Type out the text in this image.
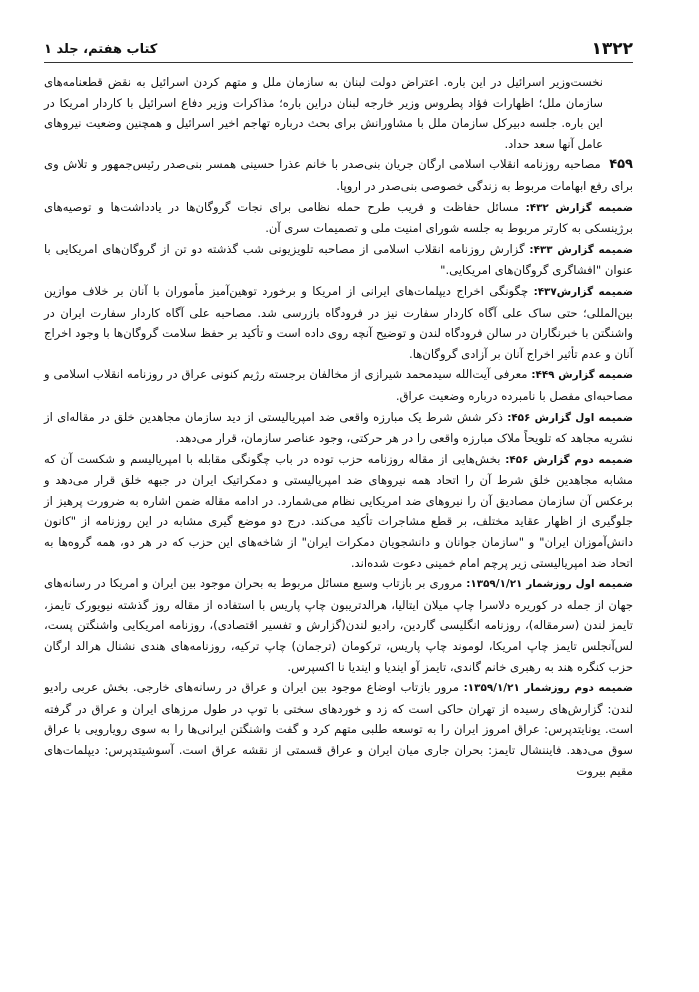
۱۳۲۲
کتاب هفتم، جلد ۱

نخست‌وزیر اسرائیل در این باره. اعتراض دولت لبنان به سازمان ملل و متهم کردن اسرائیل به نقض قطعنامه‌های سازمان ملل؛ اظهارات فؤاد پطروس وزیر خارجه لبنان دراین باره؛ مذاکرات وزیر دفاع اسرائیل با کاردار امریکا در این باره. جلسه دبیرکل سازمان ملل با مشاورانش برای بحث درباره تهاجم اخیر اسرائیل و همچنین وضعیت نیروهای عامل آنها سعد حداد.

۴۵۹ مصاحبه روزنامه انقلاب اسلامی ارگان جریان بنی‌صدر با خانم عذرا حسینی همسر بنی‌صدر رئیس‌جمهور و تلاش وی برای رفع ابهامات مربوط به زندگی خصوصی بنی‌صدر در اروپا.

ضمیمه گزارش ۴۳۲: مسائل حفاظت و فریب طرح حمله نظامی برای نجات گروگان‌ها در یادداشت‌ها و توصیه‌های برژینسکی به کارتر مربوط به جلسه شورای امنیت ملی و تصمیمات سری آن.

ضمیمه گزارش ۴۳۳: گزارش روزنامه انقلاب اسلامی از مصاحبه تلویزیونی شب گذشته دو تن از گروگان‌های امریکایی با عنوان "افشاگری گروگان‌های امریکایی."

ضمیمه گزارش۴۳۷: چگونگی اخراج دیپلمات‌های ایرانی از امریکا و برخورد توهین‌آمیز مأموران با آنان بر خلاف موازین بین‌المللی؛ حتی ساک علی آگاه کاردار سفارت نیز در فرودگاه بازرسی شد. مصاحبه علی آگاه کاردار سفارت ایران در واشنگتن با خبرنگاران در سالن فرودگاه لندن و توضیح آنچه روی داده است و تأکید بر حفظ سلامت گروگان‌ها با وجود اخراج آنان و عدم تأثیر اخراج آنان بر آزادی گروگان‌ها.

ضمیمه گزارش ۴۴۹: معرفی آیت‌الله سیدمحمد شیرازی از مخالفان برجسته رژیم کنونی عراق در روزنامه انقلاب اسلامی و مصاحبه‌ای مفصل با نامبرده درباره وضعیت عراق.

ضمیمه اول گزارش ۴۵۶: ذکر شش شرط یک مبارزه واقعی ضد امپریالیستی از دید سازمان مجاهدین خلق در مقاله‌ای از نشریه مجاهد که تلویحاً ملاک مبارزه واقعی را در هر حرکتی، وجود عناصر سازمان، قرار می‌دهد.

ضمیمه دوم گزارش ۴۵۶: بخش‌هایی از مقاله روزنامه حزب توده در باب چگونگی مقابله با امپریالیسم و شکست آن که مشابه مجاهدین خلق شرط آن را اتحاد همه نیروهای ضد امپریالیستی و دمکراتیک ایران در جبهه خلق قرار می‌دهد و برعکس آن سازمان مصادیق آن را نیروهای ضد امریکایی نظام می‌شمارد. در ادامه مقاله ضمن اشاره به ضرورت پرهیز از جلوگیری از اظهار عقاید مختلف، بر قطع مشاجرات تأکید می‌کند. درج دو موضع گیری مشابه در این روزنامه از "کانون دانش‌آموزان ایران" و "سازمان جوانان و دانشجویان دمکرات ایران" از شاخه‌های این حزب که در هر دو، همه گروه‌ها به اتحاد ضد امپریالیستی زیر پرچم امام خمینی دعوت شده‌اند.

ضمیمه اول روزشمار ۱۳۵۹/۱/۲۱: مروری بر بازتاب وسیع مسائل مربوط به بحران موجود بین ایران و امریکا در رسانه‌های جهان از جمله در کوریره دلاسرا چاپ میلان ایتالیا، هرالدتریبون چاپ پاریس با استفاده از مقاله روز گذشته نیویورک تایمز، تایمز لندن (سرمقاله)، روزنامه انگلیسی گاردین، رادیو لندن(گزارش و تفسیر اقتصادی)، روزنامه امریکایی واشنگتن پست، لس‌آنجلس تایمز چاپ امریکا، لوموند چاپ پاریس، ترکومان (ترجمان) چاپ ترکیه، روزنامه‌های هندی نشنال هرالد ارگان حزب کنگره هند به رهبری خانم گاندی، تایمز آو ایندیا و ایندیا نا اکسپرس.

ضمیمه دوم روزشمار ۱۳۵۹/۱/۲۱: مرور بازتاب اوضاع موجود بین ایران و عراق در رسانه‌های خارجی. بخش عربی رادیو لندن: گزارش‌های رسیده از تهران حاکی است که زد و خوردهای سختی با توپ در طول مرزهای ایران و عراق در گرفته است. یونایتدپرس: عراق امروز ایران را به توسعه طلبی متهم کرد و گفت واشنگتن ایرانی‌ها را به سوی رویارویی با عراق سوق می‌دهد. فایننشال تایمز: بحران جاری میان ایران و عراق قسمتی از نقشه عراق است. آسوشیتدپرس: دیپلمات‌های مقیم بیروت
